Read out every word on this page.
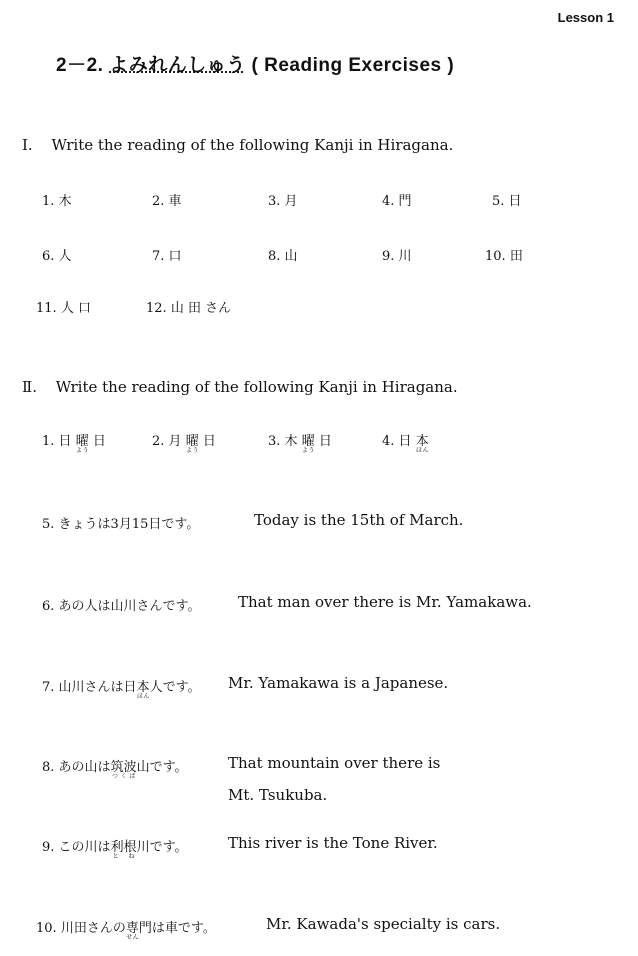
Lesson 1
2－2. よみれんしゅう ( Reading Exercises )
Ⅰ. Write the reading of the following Kanji in Hiragana.
1. 木	2. 車	3. 月	4. 門	5. 日
6. 人	7. 口	8. 山	9. 川	10. 田
11. 人 口	12. 山 田 さん
Ⅱ. Write the reading of the following Kanji in Hiragana.
1. 日 曜よう 日	2. 月 曜よう 日	3. 木 曜よう 日	4. 日 本ほん
5. きょうは3月15日です。	Today is the 15th of March.
6. あの人は山川さんです。 That man over there is Mr. Yamakawa.
7. 山川さんは日本ほん人です。 Mr. Yamakawa is a Japanese.
8. あの山は筑波つくば山です。	That mountain over there is
Mt. Tsukuba.
9. この川は利根と ね川です。	This river is the Tone River.
10. 川田さんの専せん門は車です。	Mr. Kawada's specialty is cars.
